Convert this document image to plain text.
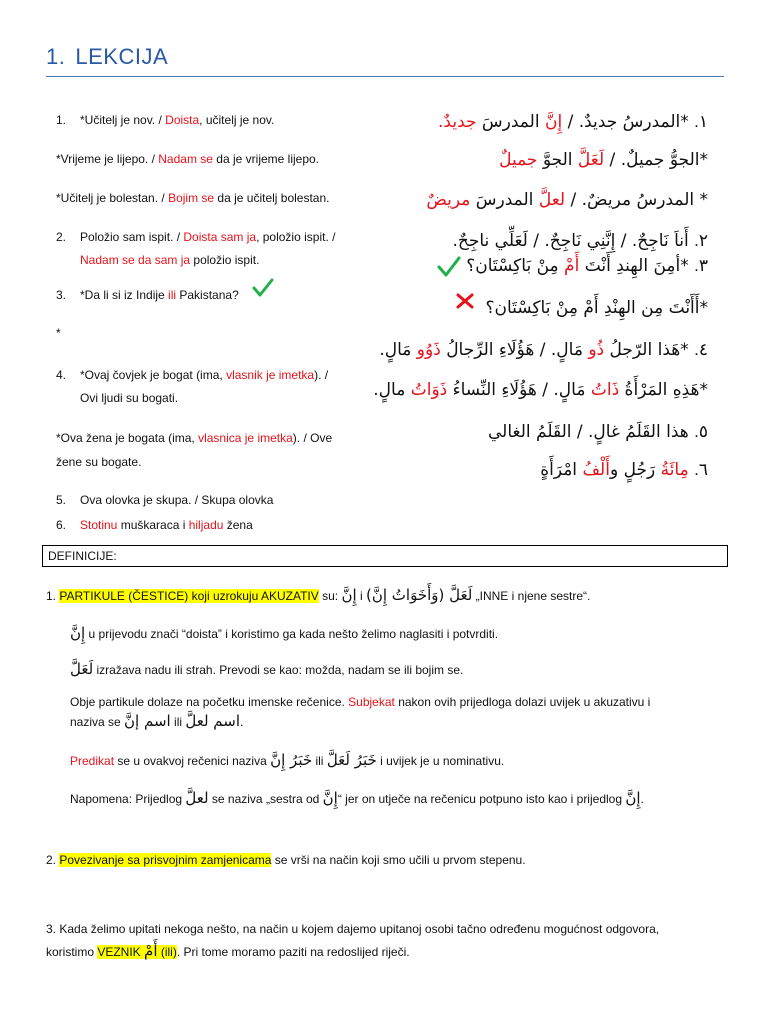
1. LEKCIJA
1. *Učitelj je nov. / Doista, učitelj je nov.
*Vrijeme je lijepo. / Nadam se da je vrijeme lijepo.
*Učitelj je bolestan. / Bojim se da je učitelj bolestan.
2. Položio sam ispit. / Doista sam ja, položio ispit. /
Nadam se da sam ja položio ispit.
3. *Da li si iz Indije ili Pakistana?
*
4. *Ovaj čovjek je bogat (ima, vlasnik je imetka). /
Ovi ljudi su bogati.
*Ova žena je bogata (ima, vlasnica je imetka). / Ove
žene su bogate.
5. Ova olovka je skupa. / Skupa olovka
6. Stotinu muškaraca i hiljadu žena
١. *المدرسُ جديدٌ. / إِنَّ المدرسَ جديدٌ.
*الجوُّ جميلٌ. / لَعَلَّ الجوَّ جميلٌ
* المدرسُ مريضٌ. / لعلَّ المدرسَ مريضٌ
٢. أَناَ نَاجِحٌ. / إِنَّنِي نَاجِحٌ. / لَعَلِّي ناجِحٌ.
٣. *أمِنَ الهِندِ أَنْتَ أَمْ مِنْ بَاكِسْتَان؟
*أَأَنْتَ مِن الهِنْدِ أَمْ مِنْ بَاكِسْتَان؟
٤. *هَذا الرّجلُ ذُو مَالٍ. / هَؤُلَاءِ الرِّجالُ ذَوُو مَالٍ.
*هَذِهِ المَرْأَةُ ذَاتُ مَالٍ. / هَؤُلَاءِ النِّساءُ ذَوَاتُ مالٍ.
٥. هذا القَلَمُ غالٍ. / القَلَمُ الغالي
٦. مِائَةُ رَجُلٍ وأَلْفُ امْرَأَةٍ
DEFINICIJE:
1. PARTIKULE (ČESTICE) koji uzrokuju AKUZATIV su: إِنَّ i	لَعَلَّ (وَأَخَوَاتُ إِنَّ) „INNE i njene sestre“.
إِنَّ u prijevodu znači “doista” i koristimo ga kada nešto želimo naglasiti i potvrditi.
لَعَلَّ izražava nadu ili strah. Prevodi se kao: možda, nadam se ili bojim se.
Obje partikule dolaze na početku imenske rečenice. Subjekat nakon ovih prijedloga dolazi uvijek u akuzativu i
naziva se اسم إنَّ ili اسم لعلَّ.
Predikat se u ovakvoj rečenici naziva خَبَرُ إِنَّ ili خَبَرُ لَعَلَّ i uvijek je u nominativu.
Napomena: Prijedlog لعلَّ se naziva „sestra od إِنَّ“ jer on utječe na rečenicu potpuno isto kao i prijedlog إِنَّ.
2. Povezivanje sa prisvojnim zamjenicama se vrši na način koji smo učili u prvom stepenu.
3. Kada želimo upitati nekoga nešto, na način u kojem dajemo upitanoj osobi tačno određenu mogućnost odgovora,
koristimo VEZNIK أَمْ (ili). Pri tome moramo paziti na redoslijed riječi.
